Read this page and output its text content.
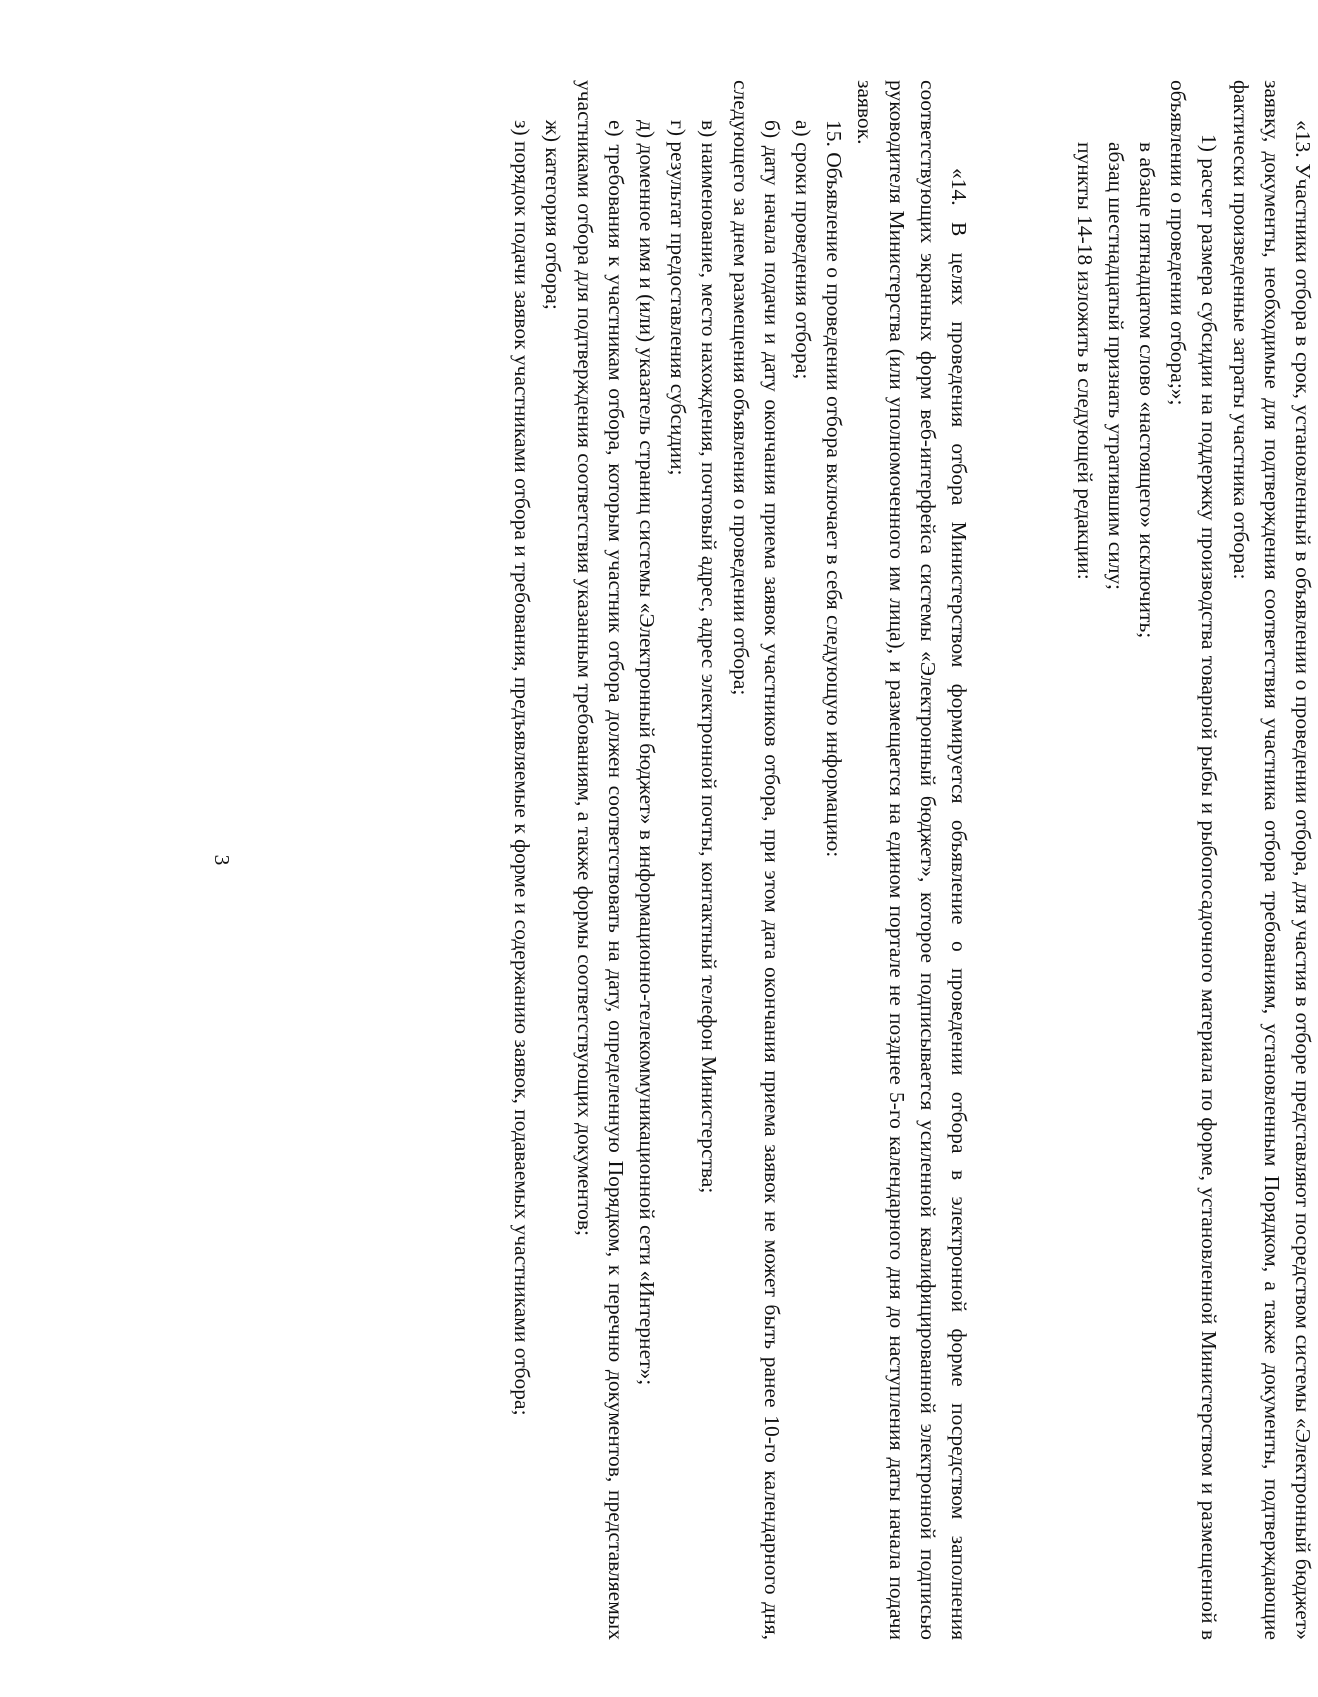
3	«13. Участники отбора в срок, установленный в объявлении о проведении отбора, для участия в отборе представляют посредством системы «Электронный бюджет» заявку, документы, необходимые для подтверждения соответствия участника отбора требованиям, установленным Порядком, а также документы, подтверждающие фактически произведенные затраты участника отбора:

1) расчет размера субсидии на поддержку производства товарной рыбы и рыбопосадочного материала по форме, установленной Министерством и размещенной в объявлении о проведении отбора;»;

в абзаце пятнадцатом слово «настоящего» исключить;

абзац шестнадцатый признать утратившим силу;

пункты 14-18 изложить в следующей редакции:

«14. В целях проведения отбора Министерством формируется объявление о проведении отбора в электронной форме посредством заполнения соответствующих экранных форм веб-интерфейса системы «Электронный бюджет», которое подписывается усиленной квалифицированной электронной подписью руководителя Министерства (или уполномоченного им лица), и размещается на едином портале не позднее 5-го календарного дня до наступления даты начала подачи заявок.

15. Объявление о проведении отбора включает в себя следующую информацию:

а) сроки проведения отбора;

б) дату начала подачи и дату окончания приема заявок участников отбора, при этом дата окончания приема заявок не может быть ранее 10-го календарного дня, следующего за днем размещения объявления о проведении отбора;

в) наименование, место нахождения, почтовый адрес, адрес электронной почты, контактный телефон Министерства;

г) результат предоставления субсидии;

д) доменное имя и (или) указатель страниц системы «Электронный бюджет» в информационно-телекоммуникационной сети «Интернет»;

е) требования к участникам отбора, которым участник отбора должен соответствовать на дату, определенную Порядком, к перечню документов, представляемых участниками отбора для подтверждения соответствия указанным требованиям, а также формы соответствующих документов;

ж) категория отбора;

з) порядок подачи заявок участниками отбора и требования, предъявляемые к форме и содержанию заявок, подаваемых участниками отбора;
